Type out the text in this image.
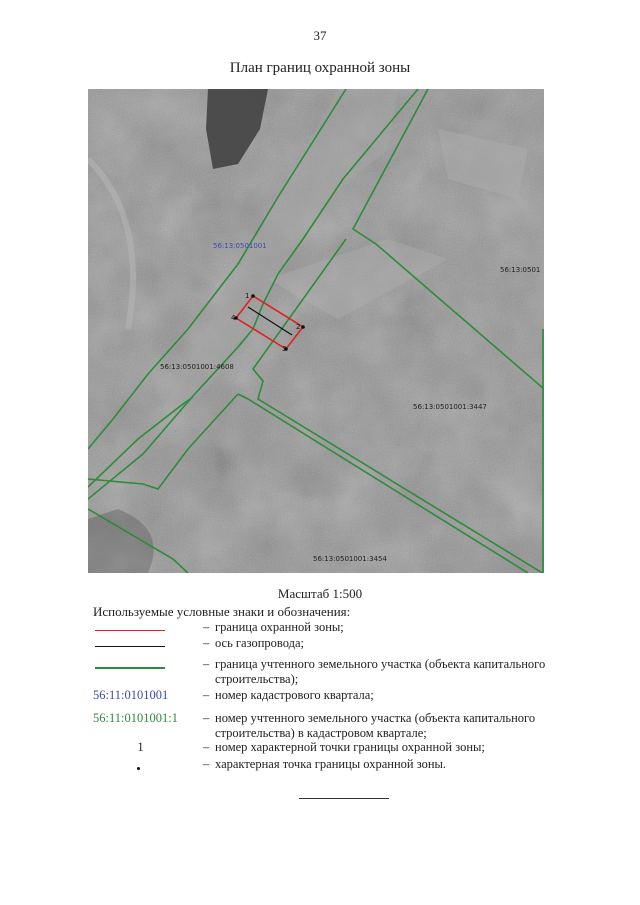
37
План границ охранной зоны
1
2
3
4
56:13:0501001
56:13:0501
56:13:0501001:4608
56:13:0501001:3447
56:13:0501001:3454
Масштаб 1:500
Используемые условные знаки и обозначения:
– граница охранной зоны;
– ось газопровода;
– граница учтенного земельного участка (объекта капитального строительства);
56:11:0101001	– номер кадастрового квартала;
56:11:0101001:1	– номер учтенного земельного участка (объекта капитального строительства) в кадастровом квартале;
1	– номер характерной точки границы охранной зоны;
– характерная точка границы охранной зоны.
